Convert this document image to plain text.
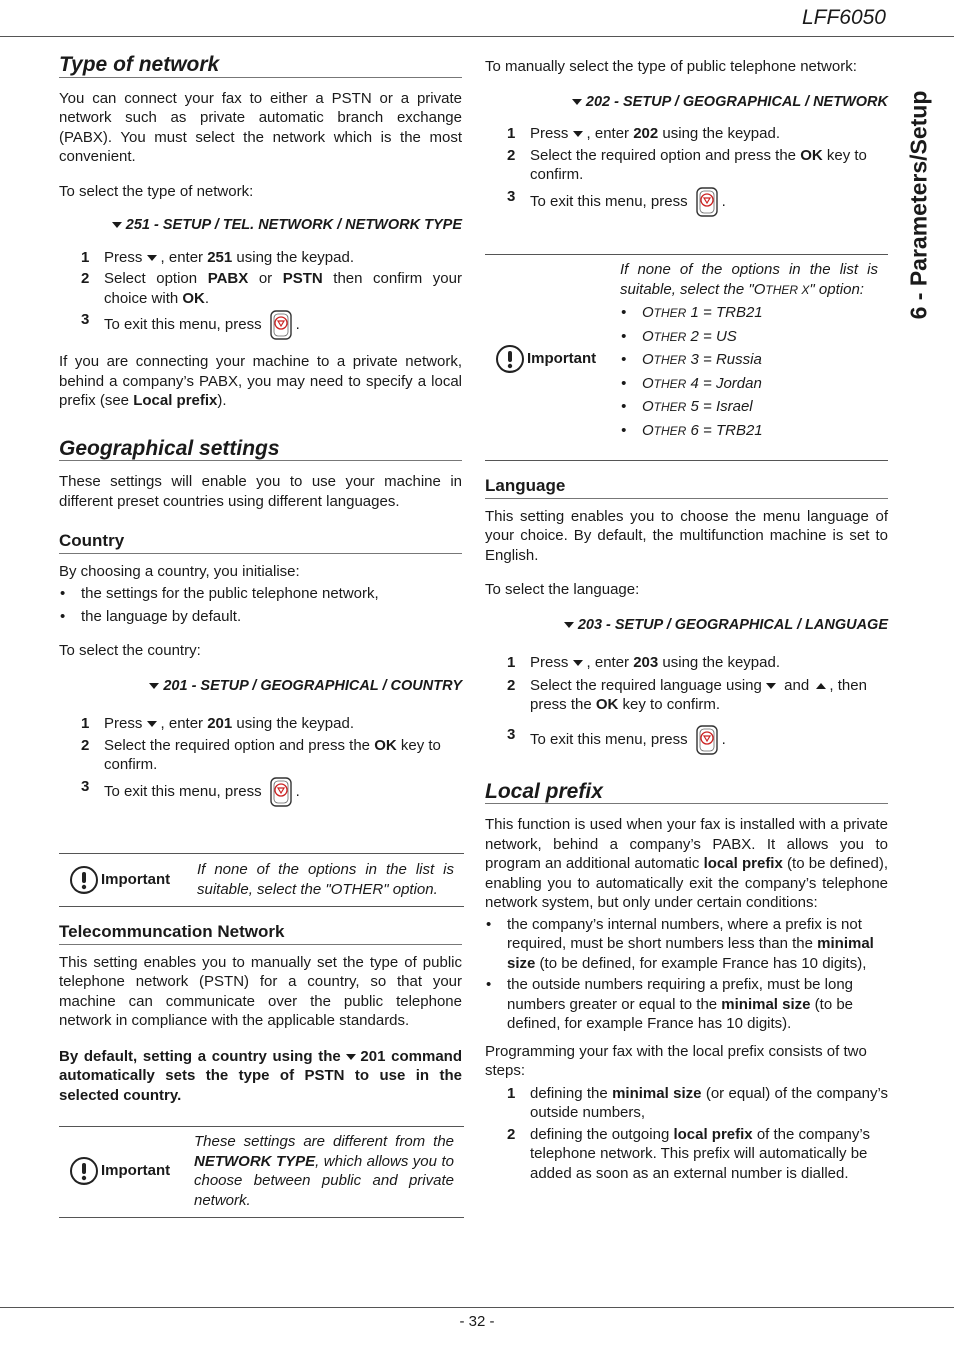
LFF6050
6 - Parameters/Setup
Type of network
You can connect your fax to either a PSTN or a private network such as private automatic branch exchange (PABX). You must select the network which is the most convenient.
To select the type of network:
251 - SETUP / TEL. NETWORK / NETWORK TYPE
1 Press , enter 251 using the keypad.
2 Select option PABX or PSTN then confirm your choice with OK.
3 To exit this menu, press .
If you are connecting your machine to a private network, behind a company’s PABX, you may need to specify a local prefix (see Local prefix).
Geographical settings
These settings will enable you to use your machine in different preset countries using different languages.
Country
By choosing a country, you initialise:
• the settings for the public telephone network,
• the language by default.
To select the country:
201 - SETUP / GEOGRAPHICAL / COUNTRY
1 Press , enter 201 using the keypad.
2 Select the required option and press the OK key to confirm.
3 To exit this menu, press .
Important
If none of the options in the list is suitable, select the "OTHER" option.
Telecommuncation Network
This setting enables you to manually set the type of public telephone network (PSTN) for a country, so that your machine can communicate over the public telephone network in compliance with the applicable standards.
By default, setting a country using the 201 command automatically sets the type of PSTN to use in the selected country.
Important
These settings are different from the NETWORK TYPE, which allows you to choose between public and private network.
To manually select the type of public telephone network:
202 - SETUP / GEOGRAPHICAL / NETWORK
1 Press , enter 202 using the keypad.
2 Select the required option and press the OK key to confirm.
3 To exit this menu, press .
Important
If none of the options in the list is suitable, select the "OTHER X" option:
• OTHER 1 = TRB21
• OTHER 2 = US
• OTHER 3 = Russia
• OTHER 4 = Jordan
• OTHER 5 = Israel
• OTHER 6 = TRB21
Language
This setting enables you to choose the menu language of your choice. By default, the multifunction machine is set to English.
To select the language:
203 - SETUP / GEOGRAPHICAL / LANGUAGE
1 Press , enter 203 using the keypad.
2 Select the required language using  and , then press the OK key to confirm.
3 To exit this menu, press .
Local prefix
This function is used when your fax is installed with a private network, behind a company’s PABX. It allows you to program an additional automatic local prefix (to be defined), enabling you to automatically exit the company’s telephone network system, but only under certain conditions:
• the company’s internal numbers, where a prefix is not required, must be short numbers less than the minimal size (to be defined, for example France has 10 digits),
• the outside numbers requiring a prefix, must be long numbers greater or equal to the minimal size (to be defined, for example France has 10 digits).
Programming your fax with the local prefix consists of two steps:
1 defining the minimal size (or equal) of the company’s outside numbers,
2 defining the outgoing local prefix of the company’s telephone network. This prefix will automatically be added as soon as an external number is dialled.
- 32 -
